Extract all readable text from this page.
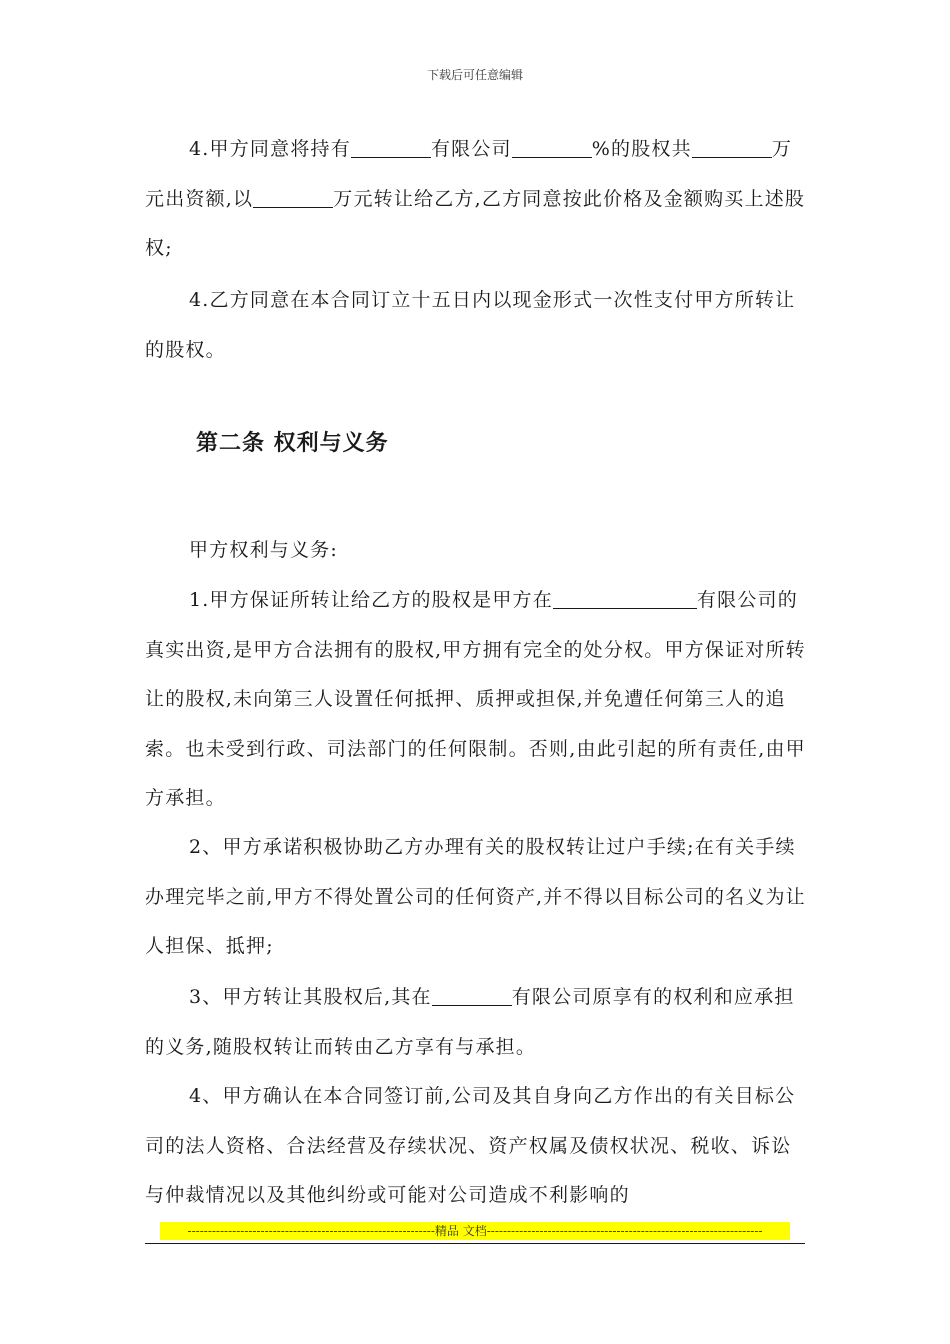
下载后可任意编辑

4.甲方同意将持有	有限公司	%的股权共	万元出资额,以	万元转让给乙方,乙方同意按此价格及金额购买上述股权;

4.乙方同意在本合同订立十五日内以现金形式一次性支付甲方所转让的股权。

第二条 权利与义务

甲方权利与义务:

1.甲方保证所转让给乙方的股权是甲方在	有限公司的真实出资,是甲方合法拥有的股权,甲方拥有完全的处分权。甲方保证对所转让的股权,未向第三人设置任何抵押、质押或担保,并免遭任何第三人的追索。也未受到行政、司法部门的任何限制。否则,由此引起的所有责任,由甲方承担。

2、甲方承诺积极协助乙方办理有关的股权转让过户手续;在有关手续办理完毕之前,甲方不得处置公司的任何资产,并不得以目标公司的名义为让人担保、抵押;

3、甲方转让其股权后,其在	有限公司原享有的权利和应承担的义务,随股权转让而转由乙方享有与承担。

4、甲方确认在本合同签订前,公司及其自身向乙方作出的有关目标公司的法人资格、合法经营及存续状况、资产权属及债权状况、税收、诉讼与仲裁情况以及其他纠纷或可能对公司造成不利影响的

-------------------------------------------------------------精品 文档--------------------------------------------------------------------
